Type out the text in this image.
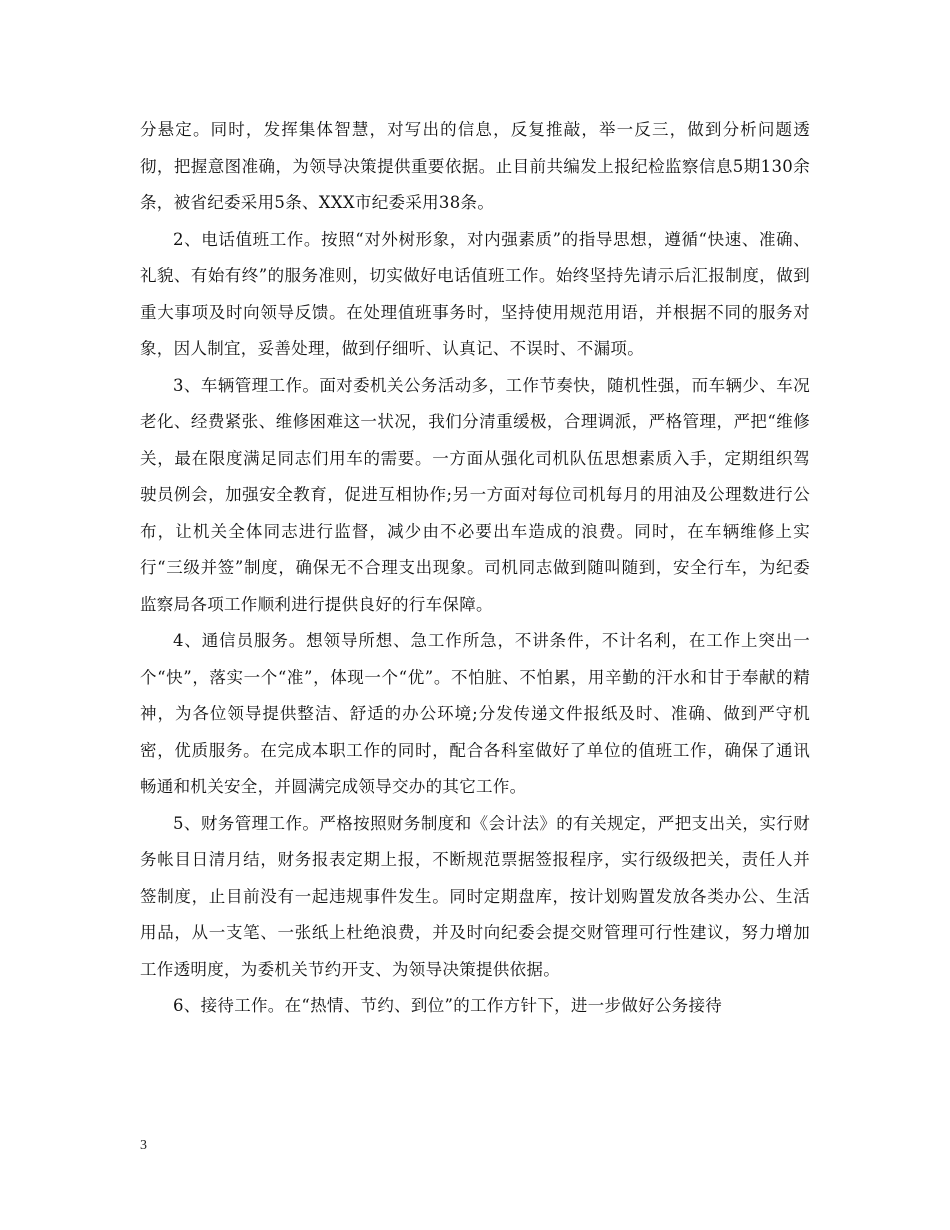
分悬定。同时，发挥集体智慧，对写出的信息，反复推敲，举一反三，做到分析问题透彻，把握意图准确，为领导决策提供重要依据。止目前共编发上报纪检监察信息5期130余条，被省纪委采用5条、XXX市纪委采用38条。

2、电话值班工作。按照“对外树形象，对内强素质”的指导思想，遵循“快速、准确、礼貌、有始有终”的服务准则，切实做好电话值班工作。始终坚持先请示后汇报制度，做到重大事项及时向领导反馈。在处理值班事务时，坚持使用规范用语，并根据不同的服务对象，因人制宜，妥善处理，做到仔细听、认真记、不误时、不漏项。

3、车辆管理工作。面对委机关公务活动多，工作节奏快，随机性强，而车辆少、车况老化、经费紧张、维修困难这一状况，我们分清重缓极，合理调派，严格管理，严把“维修关，最在限度满足同志们用车的需要。一方面从强化司机队伍思想素质入手，定期组织驾驶员例会，加强安全教育，促进互相协作;另一方面对每位司机每月的用油及公理数进行公布，让机关全体同志进行监督，减少由不必要出车造成的浪费。同时，在车辆维修上实行“三级并签”制度，确保无不合理支出现象。司机同志做到随叫随到，安全行车，为纪委监察局各项工作顺利进行提供良好的行车保障。

4、通信员服务。想领导所想、急工作所急，不讲条件，不计名利，在工作上突出一个“快”，落实一个“准”，体现一个“优”。不怕脏、不怕累，用辛勤的汗水和甘于奉献的精神，为各位领导提供整洁、舒适的办公环境;分发传递文件报纸及时、准确、做到严守机密，优质服务。在完成本职工作的同时，配合各科室做好了单位的值班工作，确保了通讯畅通和机关安全，并圆满完成领导交办的其它工作。

5、财务管理工作。严格按照财务制度和《会计法》的有关规定，严把支出关，实行财务帐目日清月结，财务报表定期上报，不断规范票据签报程序，实行级级把关，责任人并签制度，止目前没有一起违规事件发生。同时定期盘库，按计划购置发放各类办公、生活用品，从一支笔、一张纸上杜绝浪费，并及时向纪委会提交财管理可行性建议，努力增加工作透明度，为委机关节约开支、为领导决策提供依据。

6、接待工作。在“热情、节约、到位”的工作方针下，进一步做好公务接待

3
